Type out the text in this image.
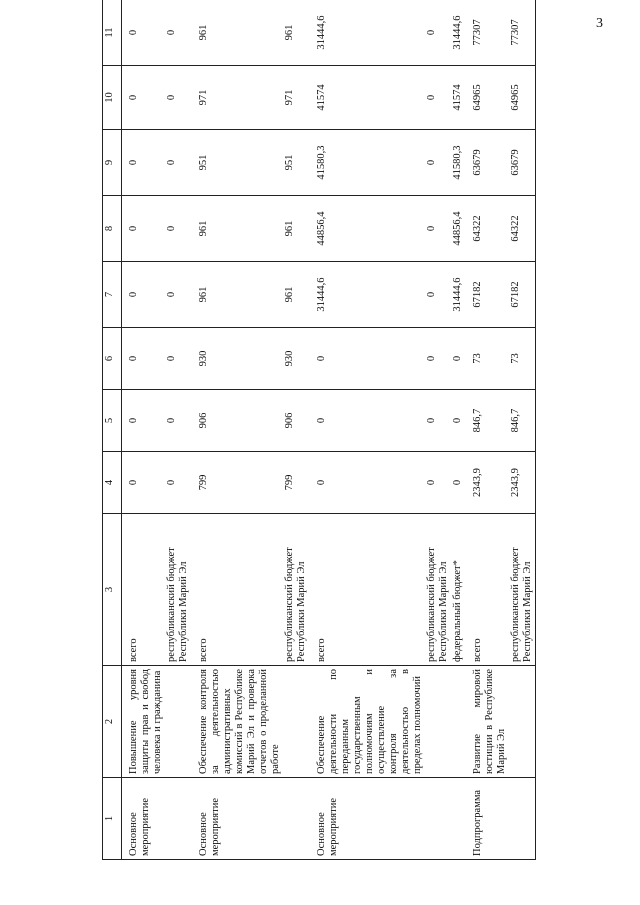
3
1	2	3	4	5	6	7	8	9	10	11
Основное мероприятие	Повышение уровня защиты прав и свобод человека и гражданина	всего	0	0	0	0	0	0	0	0
		республиканский бюджет Республики Марий Эл	0	0	0	0	0	0	0	0

Основное мероприятие	Обеспечение контроля за деятельностью административных комиссий в Республике Марий Эл и проверка отчетов о проделанной работе	всего	799	906	930	961	961	951	971	961
		республиканский бюджет Республики Марий Эл	799	906	930	961	961	951	971	961

Основное мероприятие	Обеспечение деятельности по переданным государственным полномочиям и осуществление контроля за деятельностью в пределах полномочий	всего	0	0	0	31444,6	44856,4	41580,3	41574	31444,6
		республиканский бюджет Республики Марий Эл	0	0	0	0	0	0	0	0
		федеральный бюджет*	0	0	0	31444,6	44856,4	41580,3	41574	31444,6

Подпрограмма	Развитие мировой юстиции в Республике Марий Эл	всего	2343,9	846,7	73	67182	64322	63679	64965	77307
		республиканский бюджет Республики Марий Эл	2343,9	846,7	73	67182	64322	63679	64965	77307
